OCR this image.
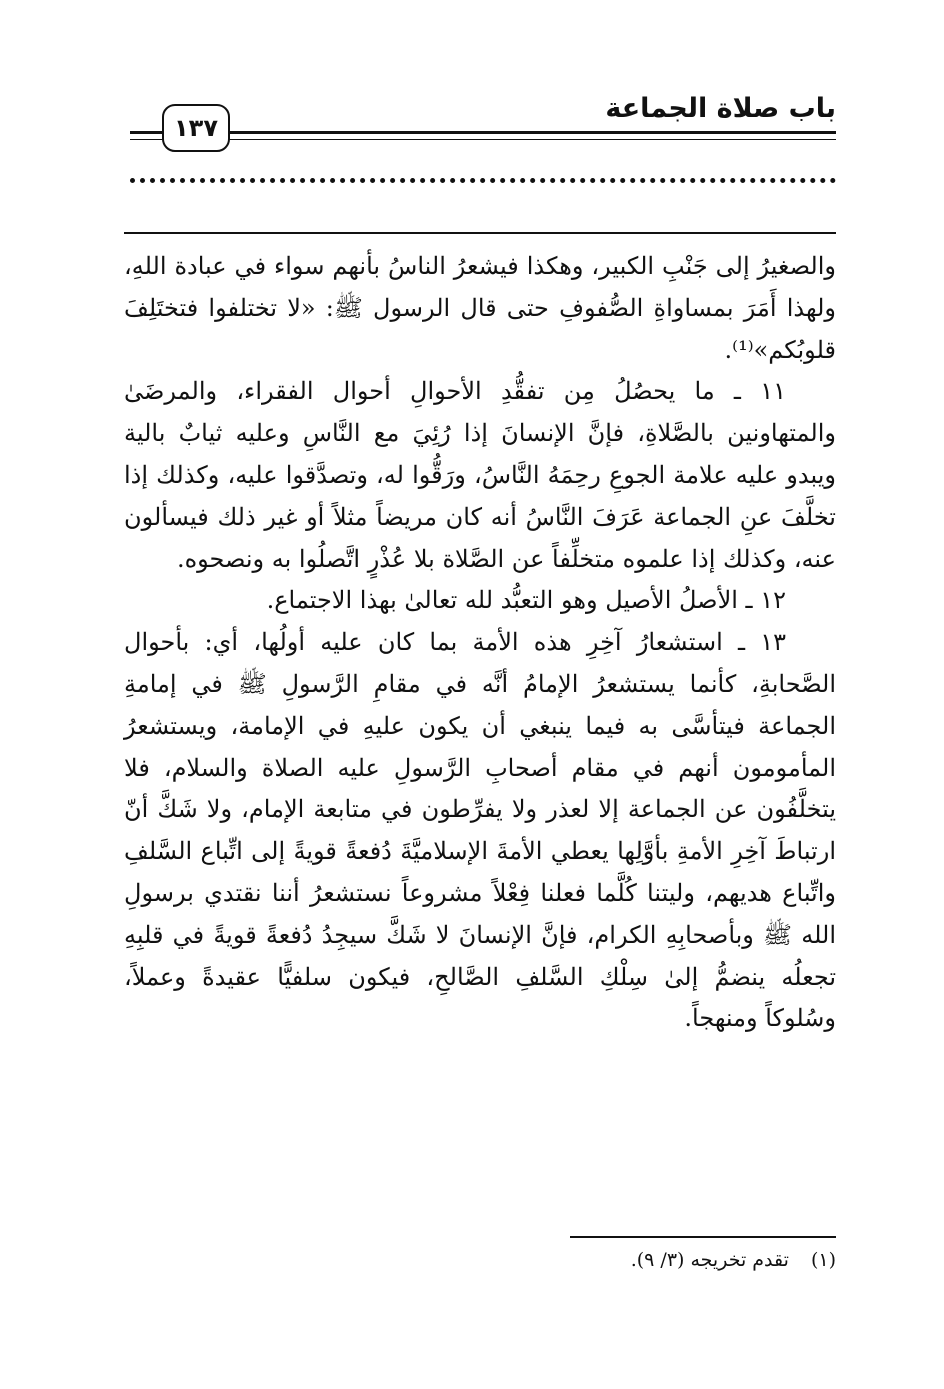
باب صلاة الجماعة
١٣٧

والصغيرُ إلى جَنْبِ الكبير، وهكذا فيشعرُ الناسُ بأنهم سواء في عبادة اللهِ، ولهذا أَمَرَ بمساواةِ الصُّفوفِ حتى قال الرسول ﷺ: «لا تختلفوا فتختَلِفَ قلوبُكم»⁽¹⁾.

١١ ـ ما يحصُلُ مِن تفقُّدِ الأحوالِ أحوال الفقراء، والمرضَىٰ والمتهاونين بالصَّلاةِ، فإنَّ الإنسانَ إذا رُئِيَ مع النَّاسِ وعليه ثيابٌ بالية ويبدو عليه علامة الجوعِ رحِمَهُ النَّاسُ، ورَقُّوا له، وتصدَّقوا عليه، وكذلك إذا تخلَّفَ عنِ الجماعة عَرَفَ النَّاسُ أنه كان مريضاً مثلاً أو غير ذلك فيسألون عنه، وكذلك إذا علموه متخلِّفاً عن الصَّلاة بلا عُذْرٍ اتَّصلُوا به ونصحوه.

١٢ ـ الأصلُ الأصيل وهو التعبُّد لله تعالىٰ بهذا الاجتماع.

١٣ ـ استشعارُ آخِرِ هذه الأمة بما كان عليه أولُها، أي: بأحوال الصَّحابةِ، كأنما يستشعرُ الإمامُ أنَّه في مقامِ الرَّسولِ ﷺ في إمامةِ الجماعة فيتأسَّى به فيما ينبغي أن يكون عليهِ في الإمامة، ويستشعرُ المأمومون أنهم في مقام أصحابِ الرَّسولِ عليه الصلاة والسلام، فلا يتخلَّفُون عن الجماعة إلا لعذر ولا يفرِّطون في متابعة الإمام، ولا شَكَّ أنّ ارتباطَ آخِرِ الأمةِ بأوَّلِها يعطي الأمةَ الإسلاميَّةَ دُفعةً قويةً إلى اتِّباع السَّلفِ واتِّباع هديهم، وليتنا كُلَّما فعلنا فِعْلاً مشروعاً نستشعرُ أننا نقتدي برسولِ الله ﷺ وبأصحابِهِ الكرام، فإنَّ الإنسانَ لا شَكَّ سيجِدُ دُفعةً قويةً في قلبِهِ تجعلُه ينضمُّ إلىٰ سِلْكِ السَّلفِ الصَّالحِ، فيكون سلفيًّا عقيدةً وعملاً، وسُلوكاً ومنهجاً.

(١)تقدم تخريجه (٣/ ٩).
